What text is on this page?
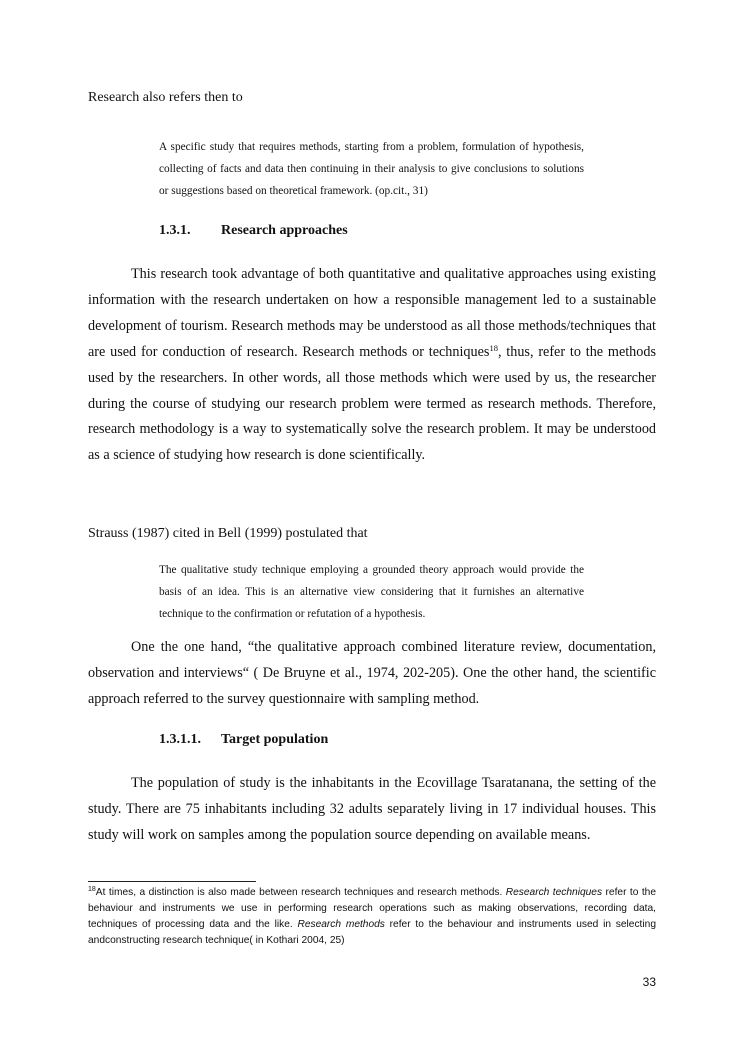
Research also refers then to
A specific study that requires methods, starting from a problem, formulation of hypothesis, collecting of facts and data then continuing in their analysis to give conclusions to solutions or suggestions based on theoretical framework. (op.cit., 31)
1.3.1. Research approaches
This research took advantage of both quantitative and qualitative approaches using existing information with the research undertaken on how a responsible management led to a sustainable development of tourism. Research methods may be understood as all those methods/techniques that are used for conduction of research. Research methods or techniques$^{18}$, thus, refer to the methods used by the researchers. In other words, all those methods which were used by us, the researcher during the course of studying our research problem were termed as research methods. Therefore, research methodology is a way to systematically solve the research problem. It may be understood as a science of studying how research is done scientifically.
Strauss (1987) cited in Bell (1999) postulated that
The qualitative study technique employing a grounded theory approach would provide the basis of an idea. This is an alternative view considering that it furnishes an alternative technique to the confirmation or refutation of a hypothesis.
One the one hand, “the qualitative approach combined literature review, documentation, observation and interviews“ ( De Bruyne et al., 1974, 202-205). One the other hand, the scientific approach referred to the survey questionnaire with sampling method.
1.3.1.1. Target population
The population of study is the inhabitants in the Ecovillage Tsaratanana, the setting of the study. There are 75 inhabitants including 32 adults separately living in 17 individual houses. This study will work on samples among the population source depending on available means.
$^{18}$At times, a distinction is also made between research techniques and research methods. Research techniques refer to the behaviour and instruments we use in performing research operations such as making observations, recording data, techniques of processing data and the like. Research methods refer to the behaviour and instruments used in selecting andconstructing research technique( in Kothari 2004, 25)
33
